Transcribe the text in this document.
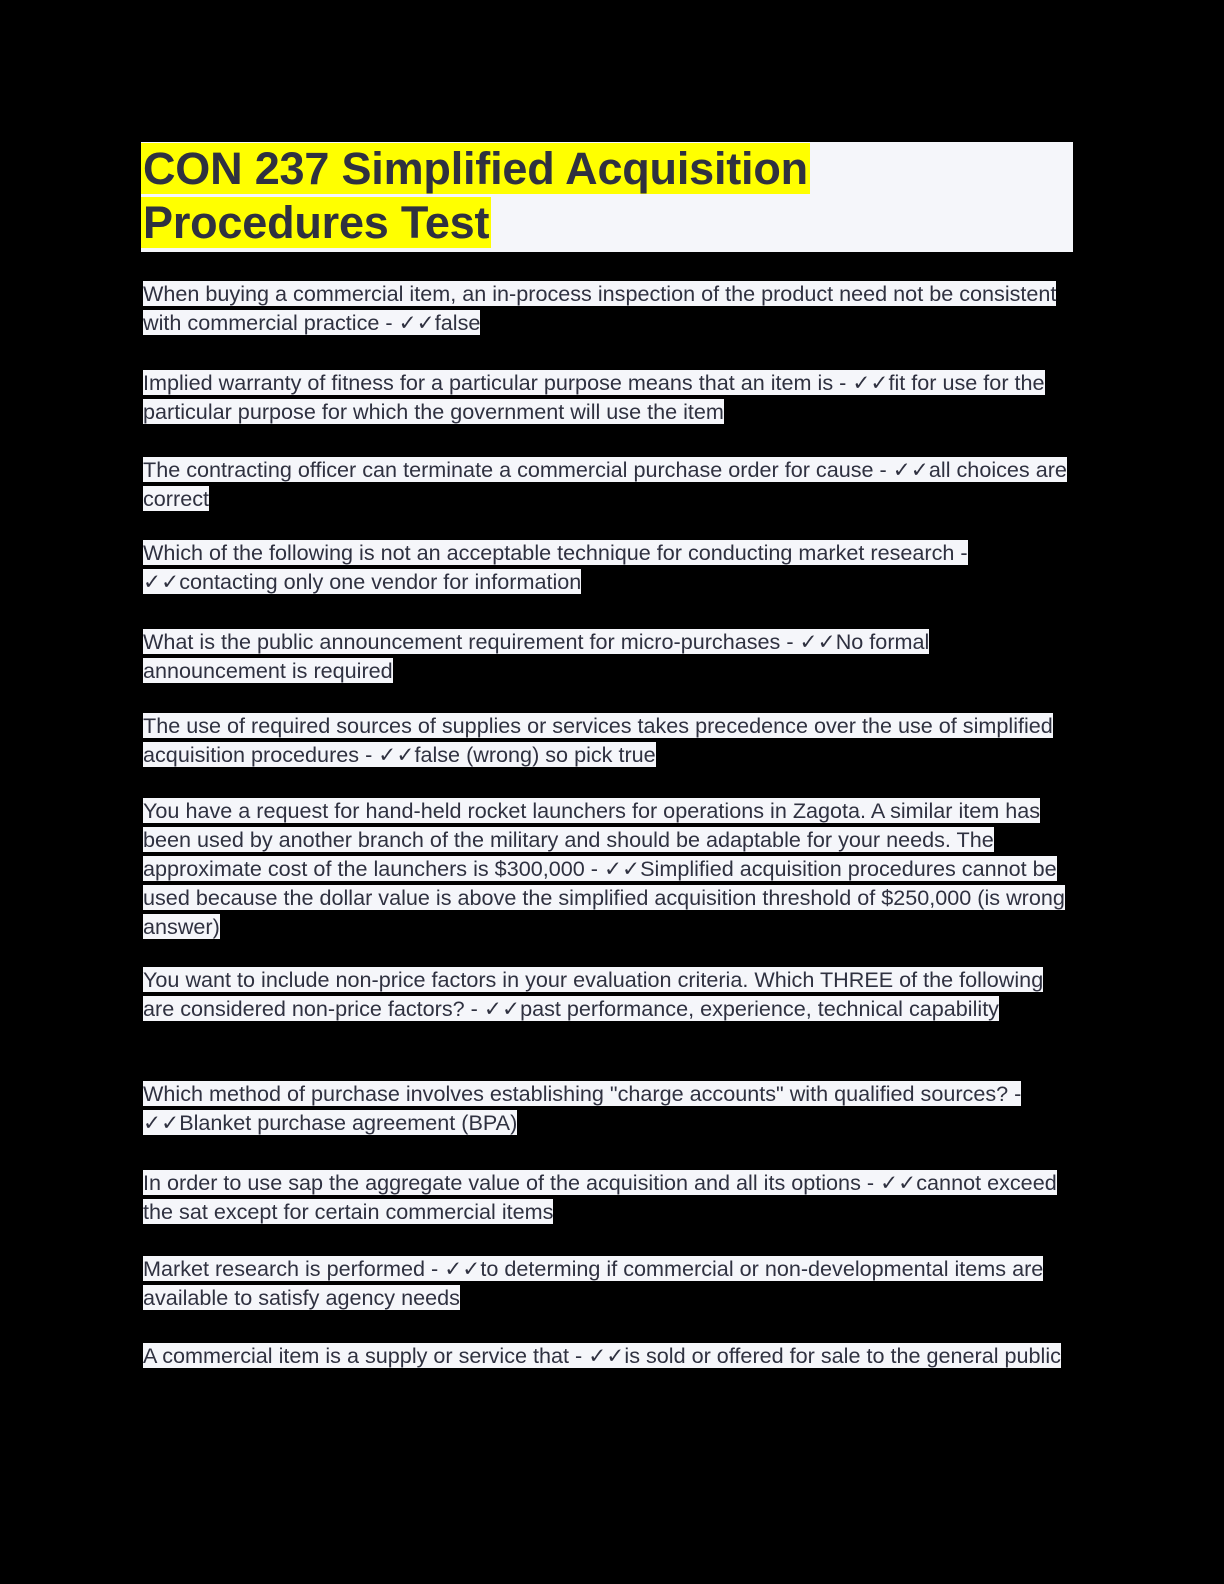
CON 237 Simplified Acquisition
Procedures Test

When buying a commercial item, an in-process inspection of the product need not be consistent with commercial practice - ✓✓false

Implied warranty of fitness for a particular purpose means that an item is - ✓✓fit for use for the particular purpose for which the government will use the item

The contracting officer can terminate a commercial purchase order for cause - ✓✓all choices are correct

Which of the following is not an acceptable technique for conducting market research - ✓✓contacting only one vendor for information

What is the public announcement requirement for micro-purchases - ✓✓No formal announcement is required

The use of required sources of supplies or services takes precedence over the use of simplified acquisition procedures - ✓✓false (wrong) so pick true

You have a request for hand-held rocket launchers for operations in Zagota. A similar item has been used by another branch of the military and should be adaptable for your needs. The approximate cost of the launchers is $300,000 - ✓✓Simplified acquisition procedures cannot be used because the dollar value is above the simplified acquisition threshold of $250,000 (is wrong answer)

You want to include non-price factors in your evaluation criteria. Which THREE of the following are considered non-price factors? - ✓✓past performance, experience, technical capability

Which method of purchase involves establishing "charge accounts" with qualified sources? - ✓✓Blanket purchase agreement (BPA)

In order to use sap the aggregate value of the acquisition and all its options - ✓✓cannot exceed the sat except for certain commercial items

Market research is performed - ✓✓to determing if commercial or non-developmental items are available to satisfy agency needs

A commercial item is a supply or service that - ✓✓is sold or offered for sale to the general public
